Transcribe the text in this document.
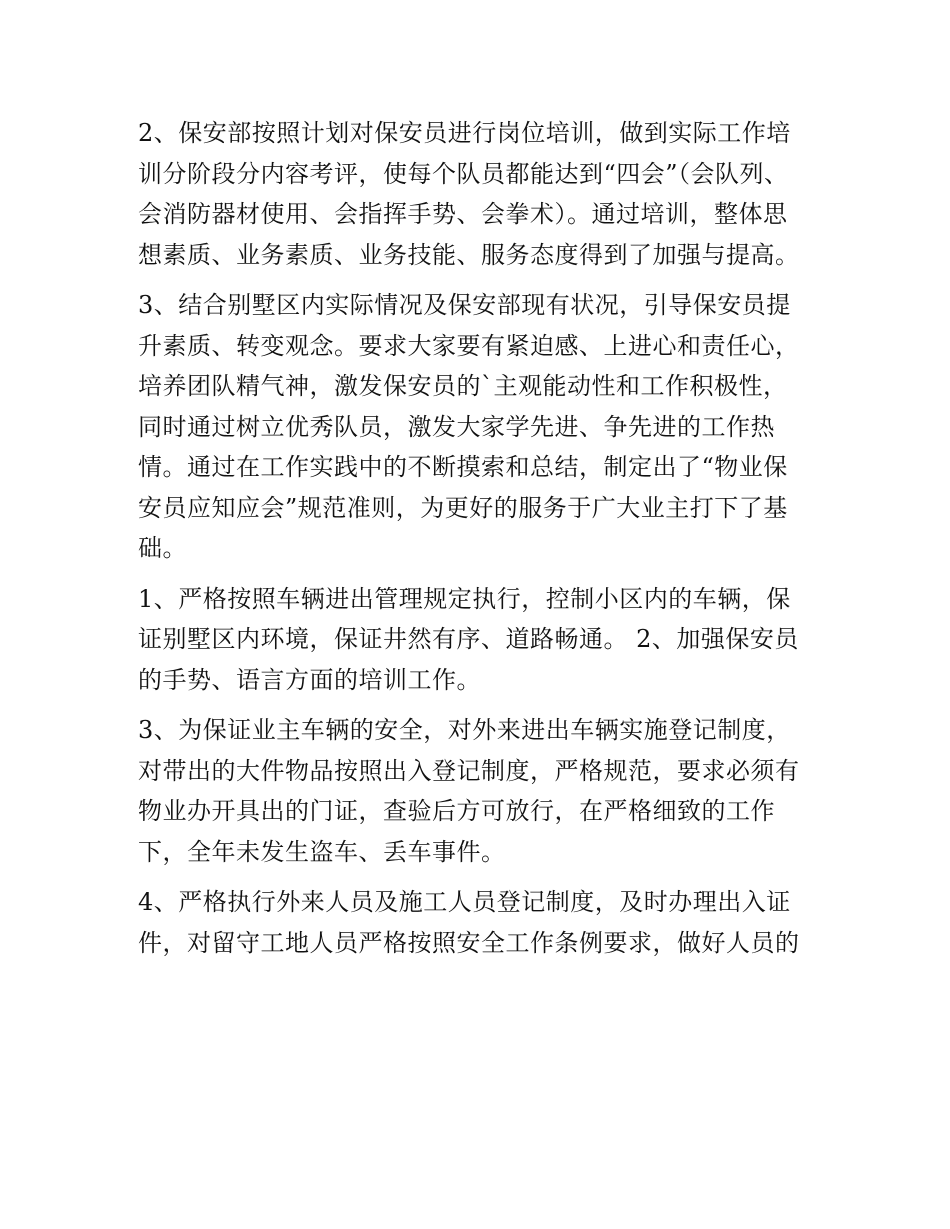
2、保安部按照计划对保安员进行岗位培训，做到实际工作培
训分阶段分内容考评，使每个队员都能达到“四会”（会队列、
会消防器材使用、会指挥手势、会拳术）。通过培训，整体思
想素质、业务素质、业务技能、服务态度得到了加强与提高。
3、结合别墅区内实际情况及保安部现有状况，引导保安员提
升素质、转变观念。要求大家要有紧迫感、上进心和责任心，
培养团队精气神，激发保安员的`主观能动性和工作积极性，
同时通过树立优秀队员，激发大家学先进、争先进的工作热
情。通过在工作实践中的不断摸索和总结，制定出了“物业保
安员应知应会”规范准则，为更好的服务于广大业主打下了基
础。
1、严格按照车辆进出管理规定执行，控制小区内的车辆，保
证别墅区内环境，保证井然有序、道路畅通。 2、加强保安员
的手势、语言方面的培训工作。
3、为保证业主车辆的安全，对外来进出车辆实施登记制度，
对带出的大件物品按照出入登记制度，严格规范，要求必须有
物业办开具出的门证，查验后方可放行，在严格细致的工作
下，全年未发生盗车、丢车事件。
4、严格执行外来人员及施工人员登记制度，及时办理出入证
件，对留守工地人员严格按照安全工作条例要求，做好人员的
